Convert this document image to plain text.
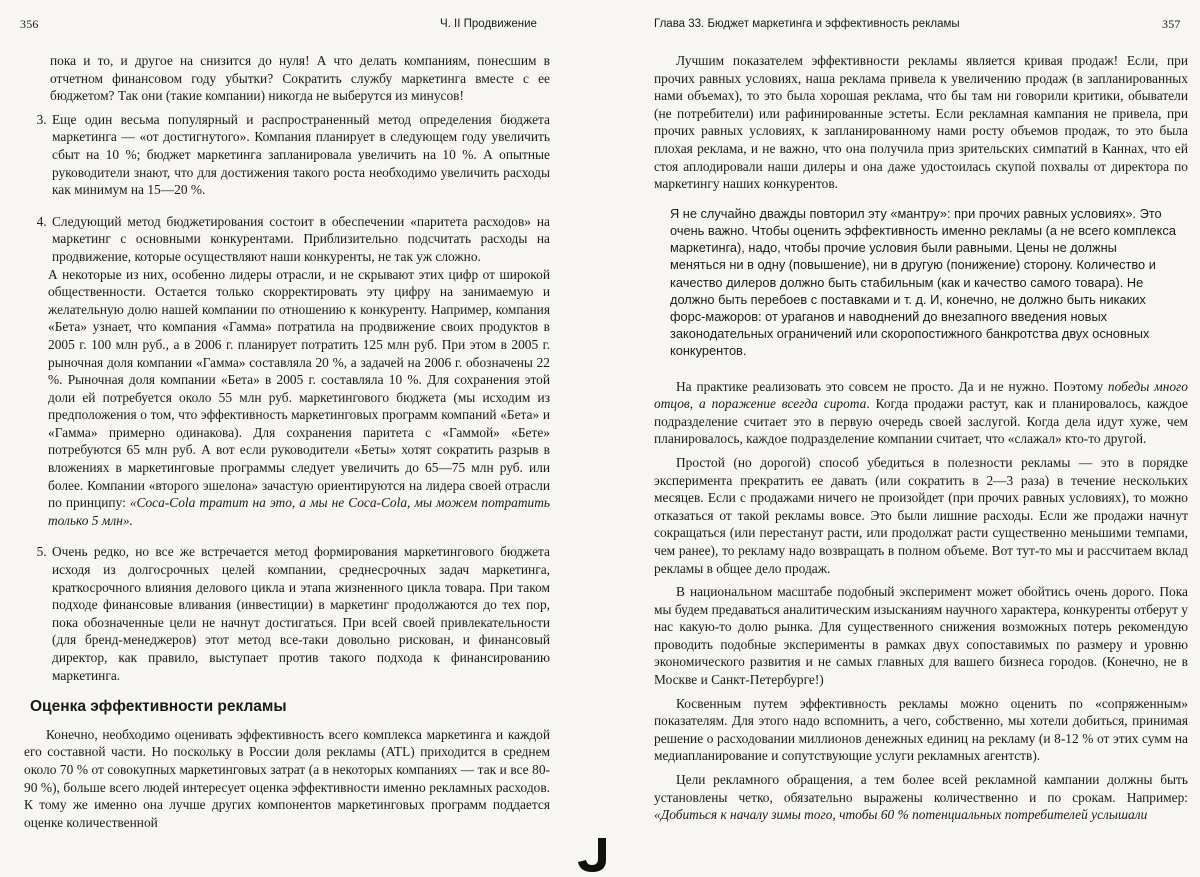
356	Ч. II Продвижение

пока и то, и другое на снизится до нуля! А что делать компаниям, понесшим в отчетном финансовом году убытки? Сократить службу маркетинга вместе с ее бюджетом? Так они (такие компании) никогда не выберутся из минусов!

3. Еще один весьма популярный и распространенный метод определения бюджета маркетинга — «от достигнутого». Компания планирует в следующем году увеличить сбыт на 10 %; бюджет маркетинга запланировала увеличить на 10 %. А опытные руководители знают, что для достижения такого роста необходимо увеличить расходы как минимум на 15—20 %.
4. Следующий метод бюджетирования состоит в обеспечении «паритета расходов» на маркетинг с основными конкурентами. Приблизительно подсчитать расходы на продвижение, которые осуществляют наши конкуренты, не так уж сложно.
А некоторые из них, особенно лидеры отрасли, и не скрывают этих цифр от широкой общественности. Остается только скорректировать эту цифру на занимаемую и желательную долю нашей компании по отношению к конкуренту. Например, компания «Бета» узнает, что компания «Гамма» потратила на продвижение своих продуктов в 2005 г. 100 млн руб., а в 2006 г. планирует потратить 125 млн руб. При этом в 2005 г. рыночная доля компании «Гамма» составляла 20 %, а задачей на 2006 г. обозначены 22 %. Рыночная доля компании «Бета» в 2005 г. составляла 10 %. Для сохранения этой доли ей потребуется около 55 млн руб. маркетингового бюджета (мы исходим из предположения о том, что эффективность маркетинговых программ компаний «Бета» и «Гамма» примерно одинакова). Для сохранения паритета с «Гаммой» «Бете» потребуются 65 млн руб. А вот если руководители «Беты» хотят сократить разрыв в вложениях в маркетинговые программы следует увеличить до 65—75 млн руб. или более. Компании «второго эшелона» зачастую ориентируются на лидера своей отрасли по принципу: «Coca-Cola тратит на это, а мы не Coca-Cola, мы можем потратить только 5 млн».
5. Очень редко, но все же встречается метод формирования маркетингового бюджета исходя из долгосрочных целей компании, среднесрочных задач маркетинга, краткосрочного влияния делового цикла и этапа жизненного цикла товара. При таком подходе финансовые вливания (инвестиции) в маркетинг продолжаются до тех пор, пока обозначенные цели не начнут достигаться. При всей своей привлекательности (для бренд-менеджеров) этот метод все-таки довольно рискован, и финансовый директор, как правило, выступает против такого подхода к финансированию маркетинга.
Оценка эффективности рекламы

Конечно, необходимо оценивать эффективность всего комплекса маркетинга и каждой его составной части. Но поскольку в России доля рекламы (ATL) приходится в среднем около 70 % от совокупных маркетинговых затрат (а в некоторых компаниях — так и все 80-90 %), больше всего людей интересует оценка эффективности именно рекламных расходов. К тому же именно она лучше других компонентов маркетинговых программ поддается оценке количественной

Глава 33. Бюджет маркетинга и эффективность рекламы	357

Лучшим показателем эффективности рекламы является кривая продаж! Если, при прочих равных условиях, наша реклама привела к увеличению продаж (в запланированных нами объемах), то это была хорошая реклама, что бы там ни говорили критики, обыватели (не потребители) или рафинированные эстеты. Если рекламная кампания не привела, при прочих равных условиях, к запланированному нами росту объемов продаж, то это была плохая реклама, и не важно, что она получила приз зрительских симпатий в Каннах, что ей стоя аплодировали наши дилеры и она даже удостоилась скупой похвалы от директора по маркетингу наших конкурентов.

Я не случайно дважды повторил эту «мантру»: при прочих равных условиях». Это очень важно. Чтобы оценить эффективность именно рекламы (а не всего комплекса маркетинга), надо, чтобы прочие условия были равными. Цены не должны меняться ни в одну (повышение), ни в другую (понижение) сторону. Количество и качество дилеров должно быть стабильным (как и качество самого товара). Не должно быть перебоев с поставками и т. д. И, конечно, не должно быть никаких форс-мажоров: от ураганов и наводнений до внезапного введения новых законодательных ограничений или скоропостижного банкротства двух основных конкурентов.

На практике реализовать это совсем не просто. Да и не нужно. Поэтому победы много отцов, а поражение всегда сирота. Когда продажи растут, как и планировалось, каждое подразделение считает это в первую очередь своей заслугой. Когда дела идут хуже, чем планировалось, каждое подразделение компании считает, что «слажал» кто-то другой.

Простой (но дорогой) способ убедиться в полезности рекламы — это в порядке эксперимента прекратить ее давать (или сократить в 2—3 раза) в течение нескольких месяцев. Если с продажами ничего не произойдет (при прочих равных условиях), то можно отказаться от такой рекламы вовсе. Это были лишние расходы. Если же продажи начнут сокращаться (или перестанут расти, или продолжат расти существенно меньшими темпами, чем ранее), то рекламу надо возвращать в полном объеме. Вот тут-то мы и рассчитаем вклад рекламы в общее дело продаж.

В национальном масштабе подобный эксперимент может обойтись очень дорого. Пока мы будем предаваться аналитическим изысканиям научного характера, конкуренты отберут у нас какую-то долю рынка. Для существенного снижения возможных потерь рекомендую проводить подобные эксперименты в рамках двух сопоставимых по размеру и уровню экономического развития и не самых главных для вашего бизнеса городов. (Конечно, не в Москве и Санкт-Петербурге!)

Косвенным путем эффективность рекламы можно оценить по «сопряженным» показателям. Для этого надо вспомнить, а чего, собственно, мы хотели добиться, принимая решение о расходовании миллионов денежных единиц на рекламу (и 8-12 % от этих сумм на медиапланирование и сопутствующие услуги рекламных агентств).

Цели рекламного обращения, а тем более всей рекламной кампании должны быть установлены четко, обязательно выражены количественно и по срокам. Например: «Добиться к началу зимы того, чтобы 60 % потенциальных потребителей услышали
